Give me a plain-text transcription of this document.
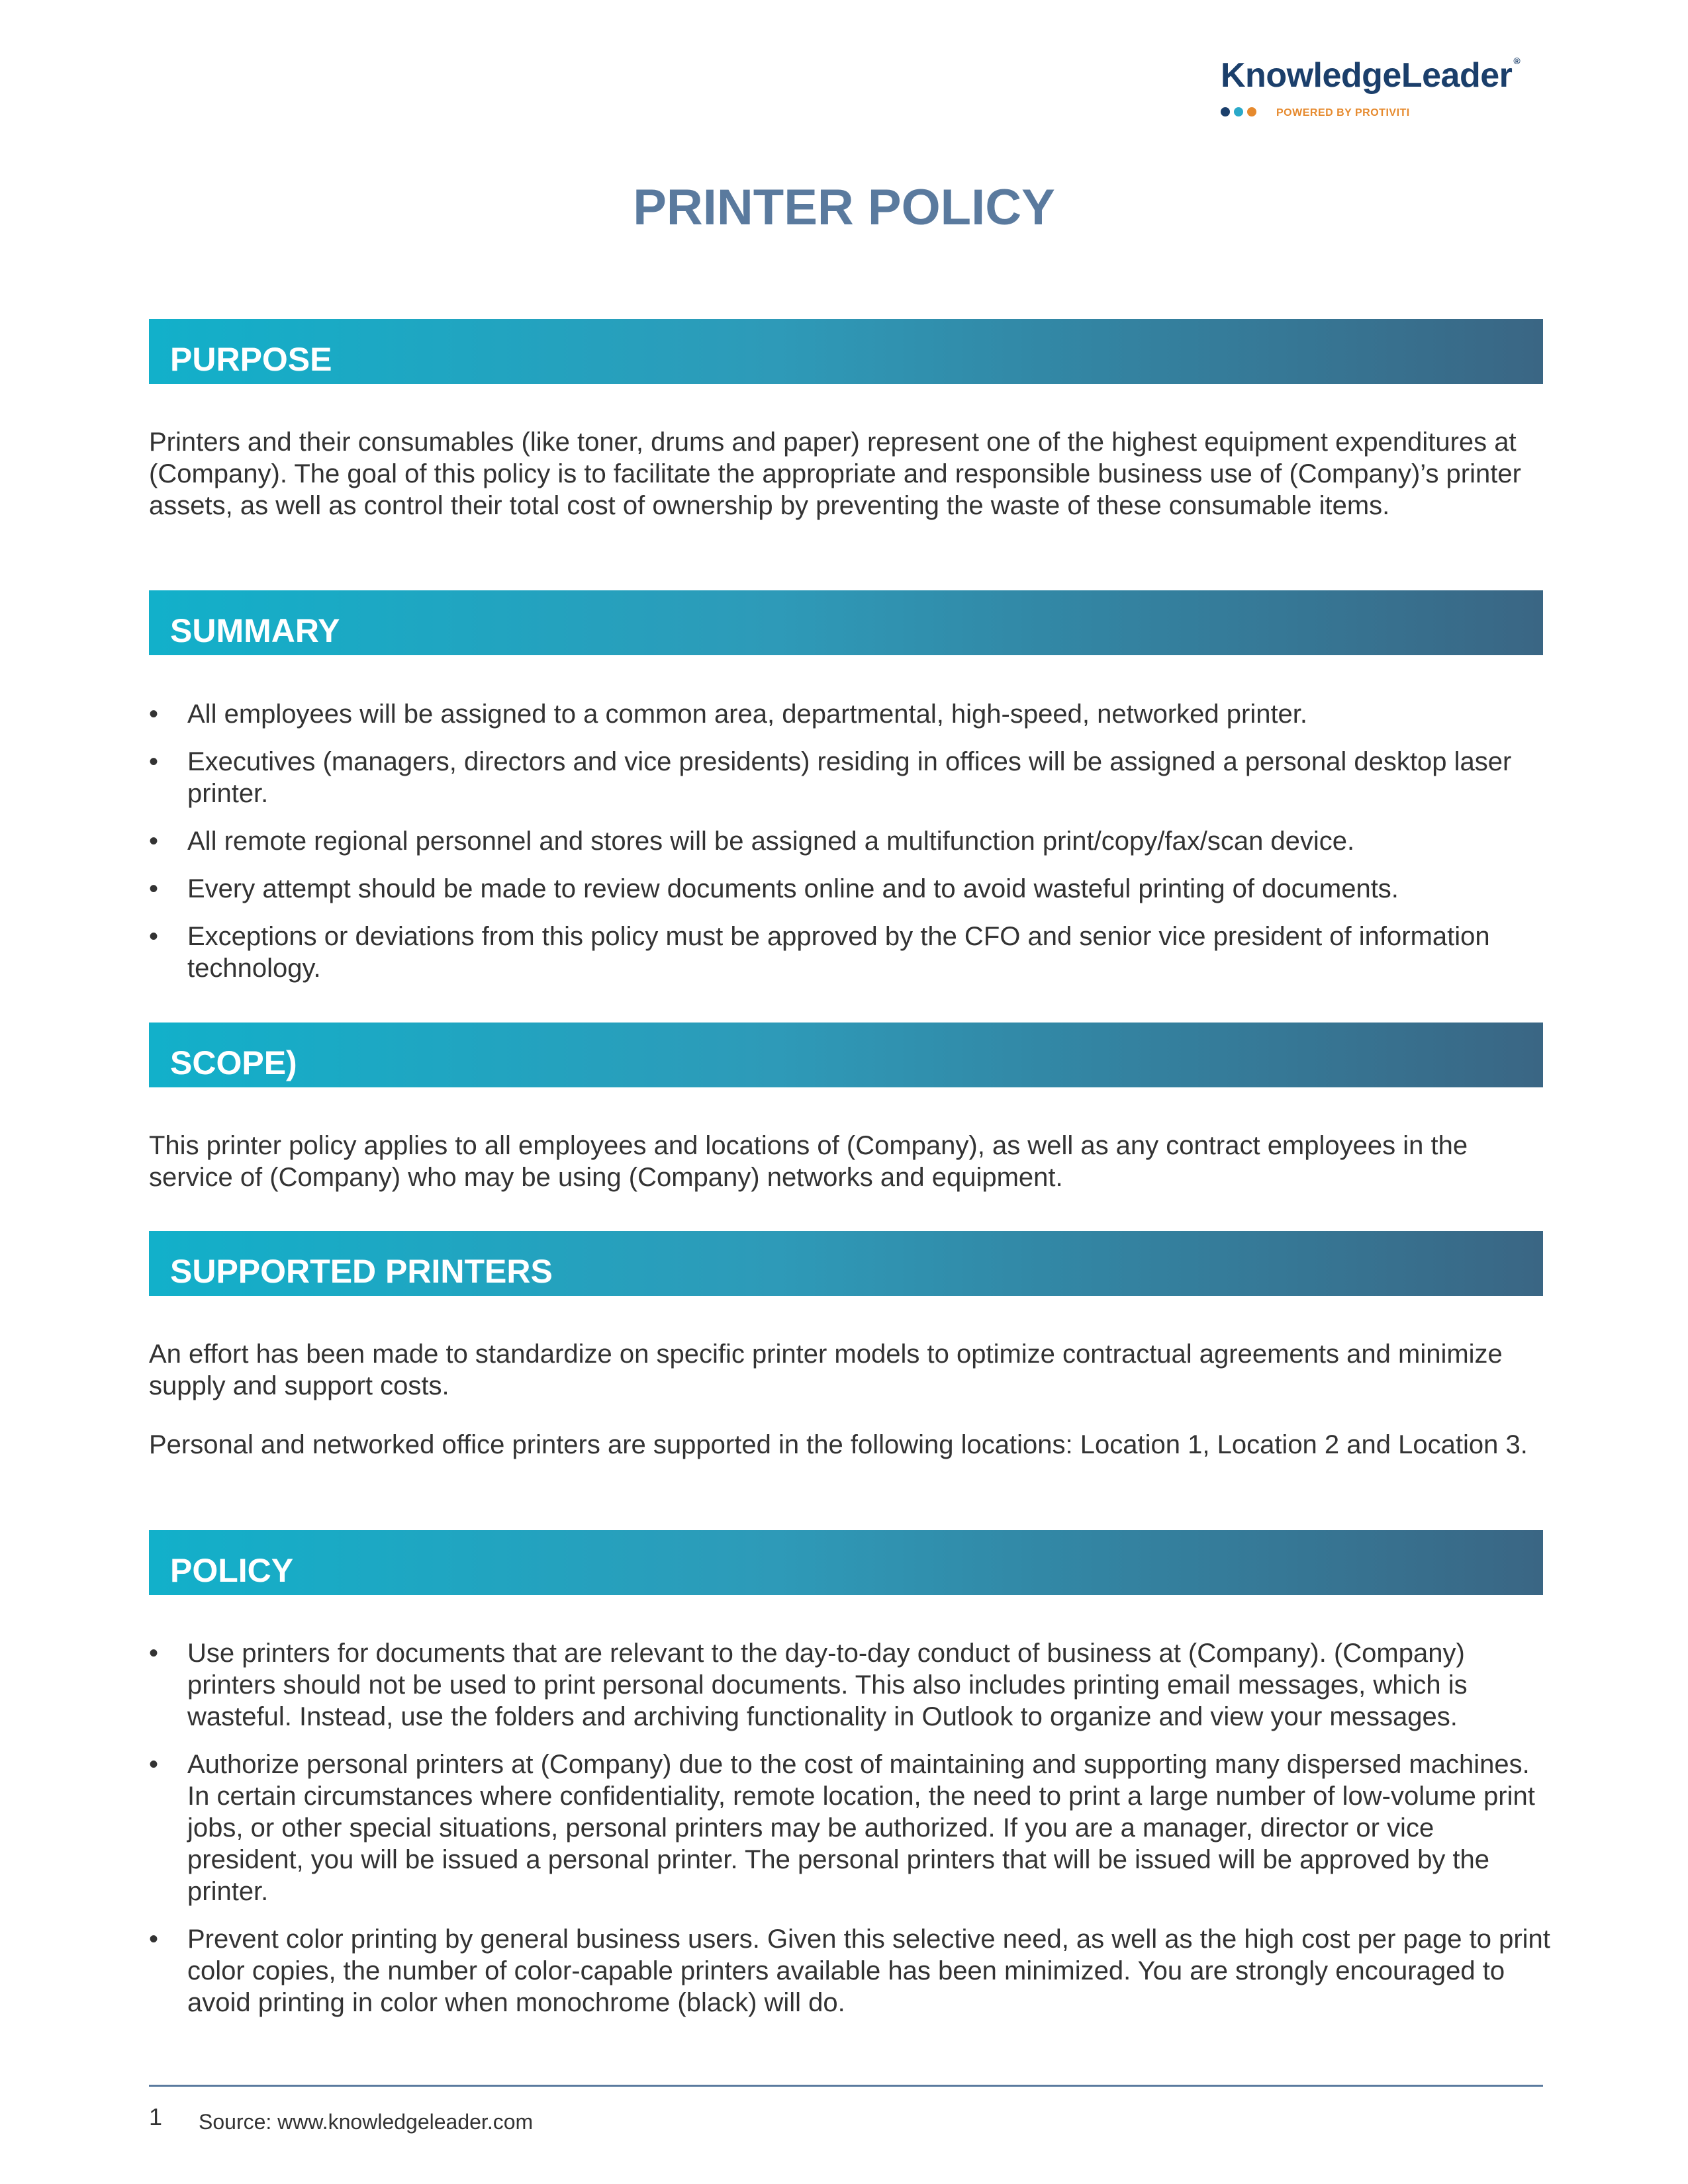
KnowledgeLeader ®
POWERED BY PROTIVITI
PRINTER POLICY
PURPOSE

Printers and their consumables (like toner, drums and paper) represent one of the highest equipment expenditures at (Company). The goal of this policy is to facilitate the appropriate and responsible business use of (Company)’s printer assets, as well as control their total cost of ownership by preventing the waste of these consumable items.

SUMMARY
• All employees will be assigned to a common area, departmental, high-speed, networked printer.
• Executives (managers, directors and vice presidents) residing in offices will be assigned a personal desktop laser printer.
• All remote regional personnel and stores will be assigned a multifunction print/copy/fax/scan device.
• Every attempt should be made to review documents online and to avoid wasteful printing of documents.
• Exceptions or deviations from this policy must be approved by the CFO and senior vice president of information technology.
SCOPE)

This printer policy applies to all employees and locations of (Company), as well as any contract employees in the service of (Company) who may be using (Company) networks and equipment.

SUPPORTED PRINTERS

An effort has been made to standardize on specific printer models to optimize contractual agreements and minimize supply and support costs.

Personal and networked office printers are supported in the following locations: Location 1, Location 2 and Location 3.

POLICY
• Use printers for documents that are relevant to the day-to-day conduct of business at (Company). (Company) printers should not be used to print personal documents. This also includes printing email messages, which is wasteful. Instead, use the folders and archiving functionality in Outlook to organize and view your messages.
• Authorize personal printers at (Company) due to the cost of maintaining and supporting many dispersed machines. In certain circumstances where confidentiality, remote location, the need to print a large number of low-volume print jobs, or other special situations, personal printers may be authorized. If you are a manager, director or vice president, you will be issued a personal printer. The personal printers that will be issued will be approved by the printer.
• Prevent color printing by general business users. Given this selective need, as well as the high cost per page to print color copies, the number of color-capable printers available has been minimized. You are strongly encouraged to avoid printing in color when monochrome (black) will do.
1 Source: www.knowledgeleader.com
